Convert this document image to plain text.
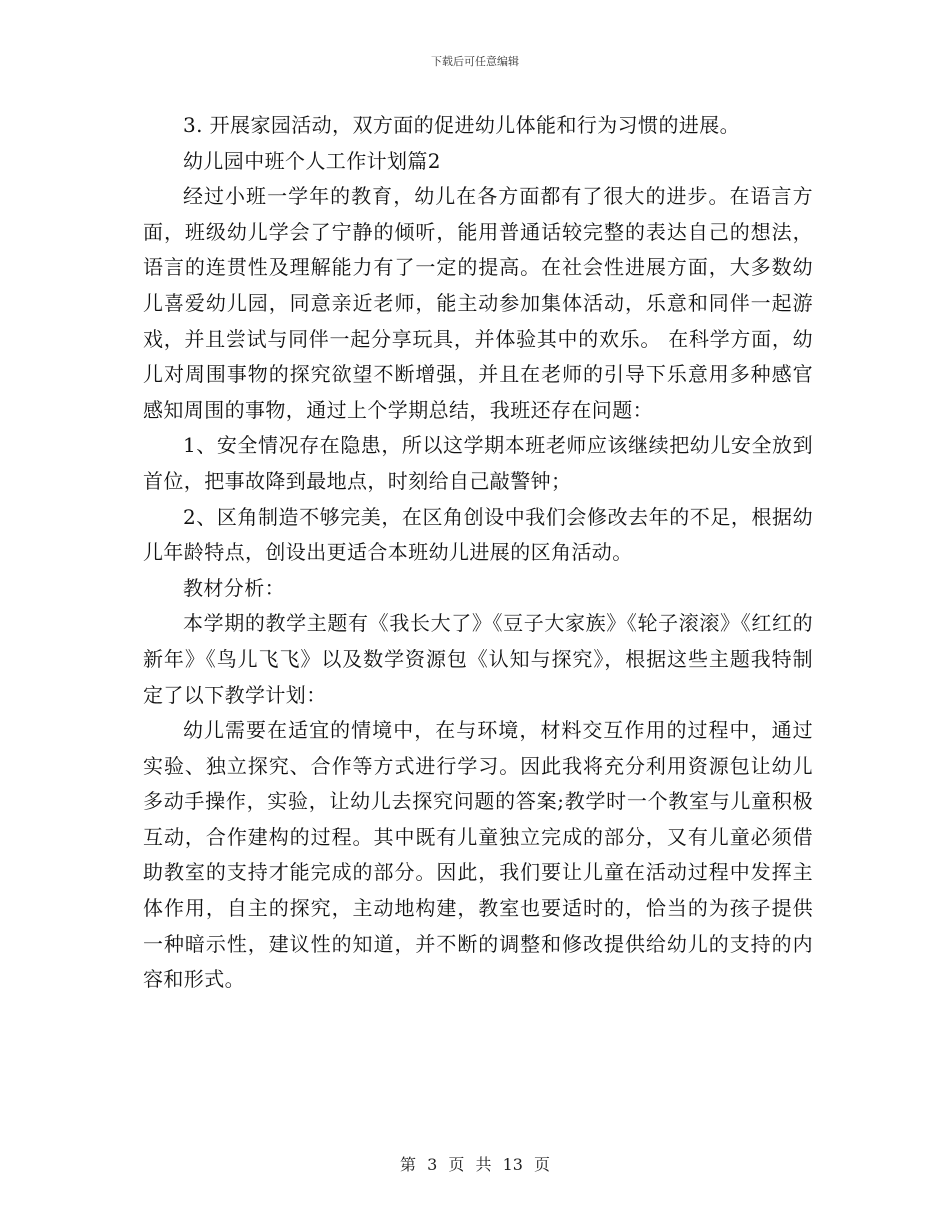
下载后可任意编辑

3. 开展家园活动，双方面的促进幼儿体能和行为习惯的进展。

幼儿园中班个人工作计划篇2

经过小班一学年的教育，幼儿在各方面都有了很大的进步。在语言方面，班级幼儿学会了宁静的倾听，能用普通话较完整的表达自己的想法，语言的连贯性及理解能力有了一定的提高。在社会性进展方面，大多数幼儿喜爱幼儿园，同意亲近老师，能主动参加集体活动，乐意和同伴一起游戏，并且尝试与同伴一起分享玩具，并体验其中的欢乐。 在科学方面，幼儿对周围事物的探究欲望不断增强，并且在老师的引导下乐意用多种感官感知周围的事物，通过上个学期总结，我班还存在问题：

1、安全情况存在隐患，所以这学期本班老师应该继续把幼儿安全放到首位，把事故降到最地点，时刻给自己敲警钟；

2、区角制造不够完美，在区角创设中我们会修改去年的不足，根据幼儿年龄特点，创设出更适合本班幼儿进展的区角活动。

教材分析：

本学期的教学主题有《我长大了》《豆子大家族》《轮子滚滚》《红红的新年》《鸟儿飞飞》以及数学资源包《认知与探究》，根据这些主题我特制定了以下教学计划：

幼儿需要在适宜的情境中，在与环境，材料交互作用的过程中，通过实验、独立探究、合作等方式进行学习。因此我将充分利用资源包让幼儿多动手操作，实验，让幼儿去探究问题的答案;教学时一个教室与儿童积极互动，合作建构的过程。其中既有儿童独立完成的部分，又有儿童必须借助教室的支持才能完成的部分。因此，我们要让儿童在活动过程中发挥主体作用，自主的探究，主动地构建，教室也要适时的，恰当的为孩子提供一种暗示性，建议性的知道，并不断的调整和修改提供给幼儿的支持的内容和形式。

第 3 页 共 13 页
